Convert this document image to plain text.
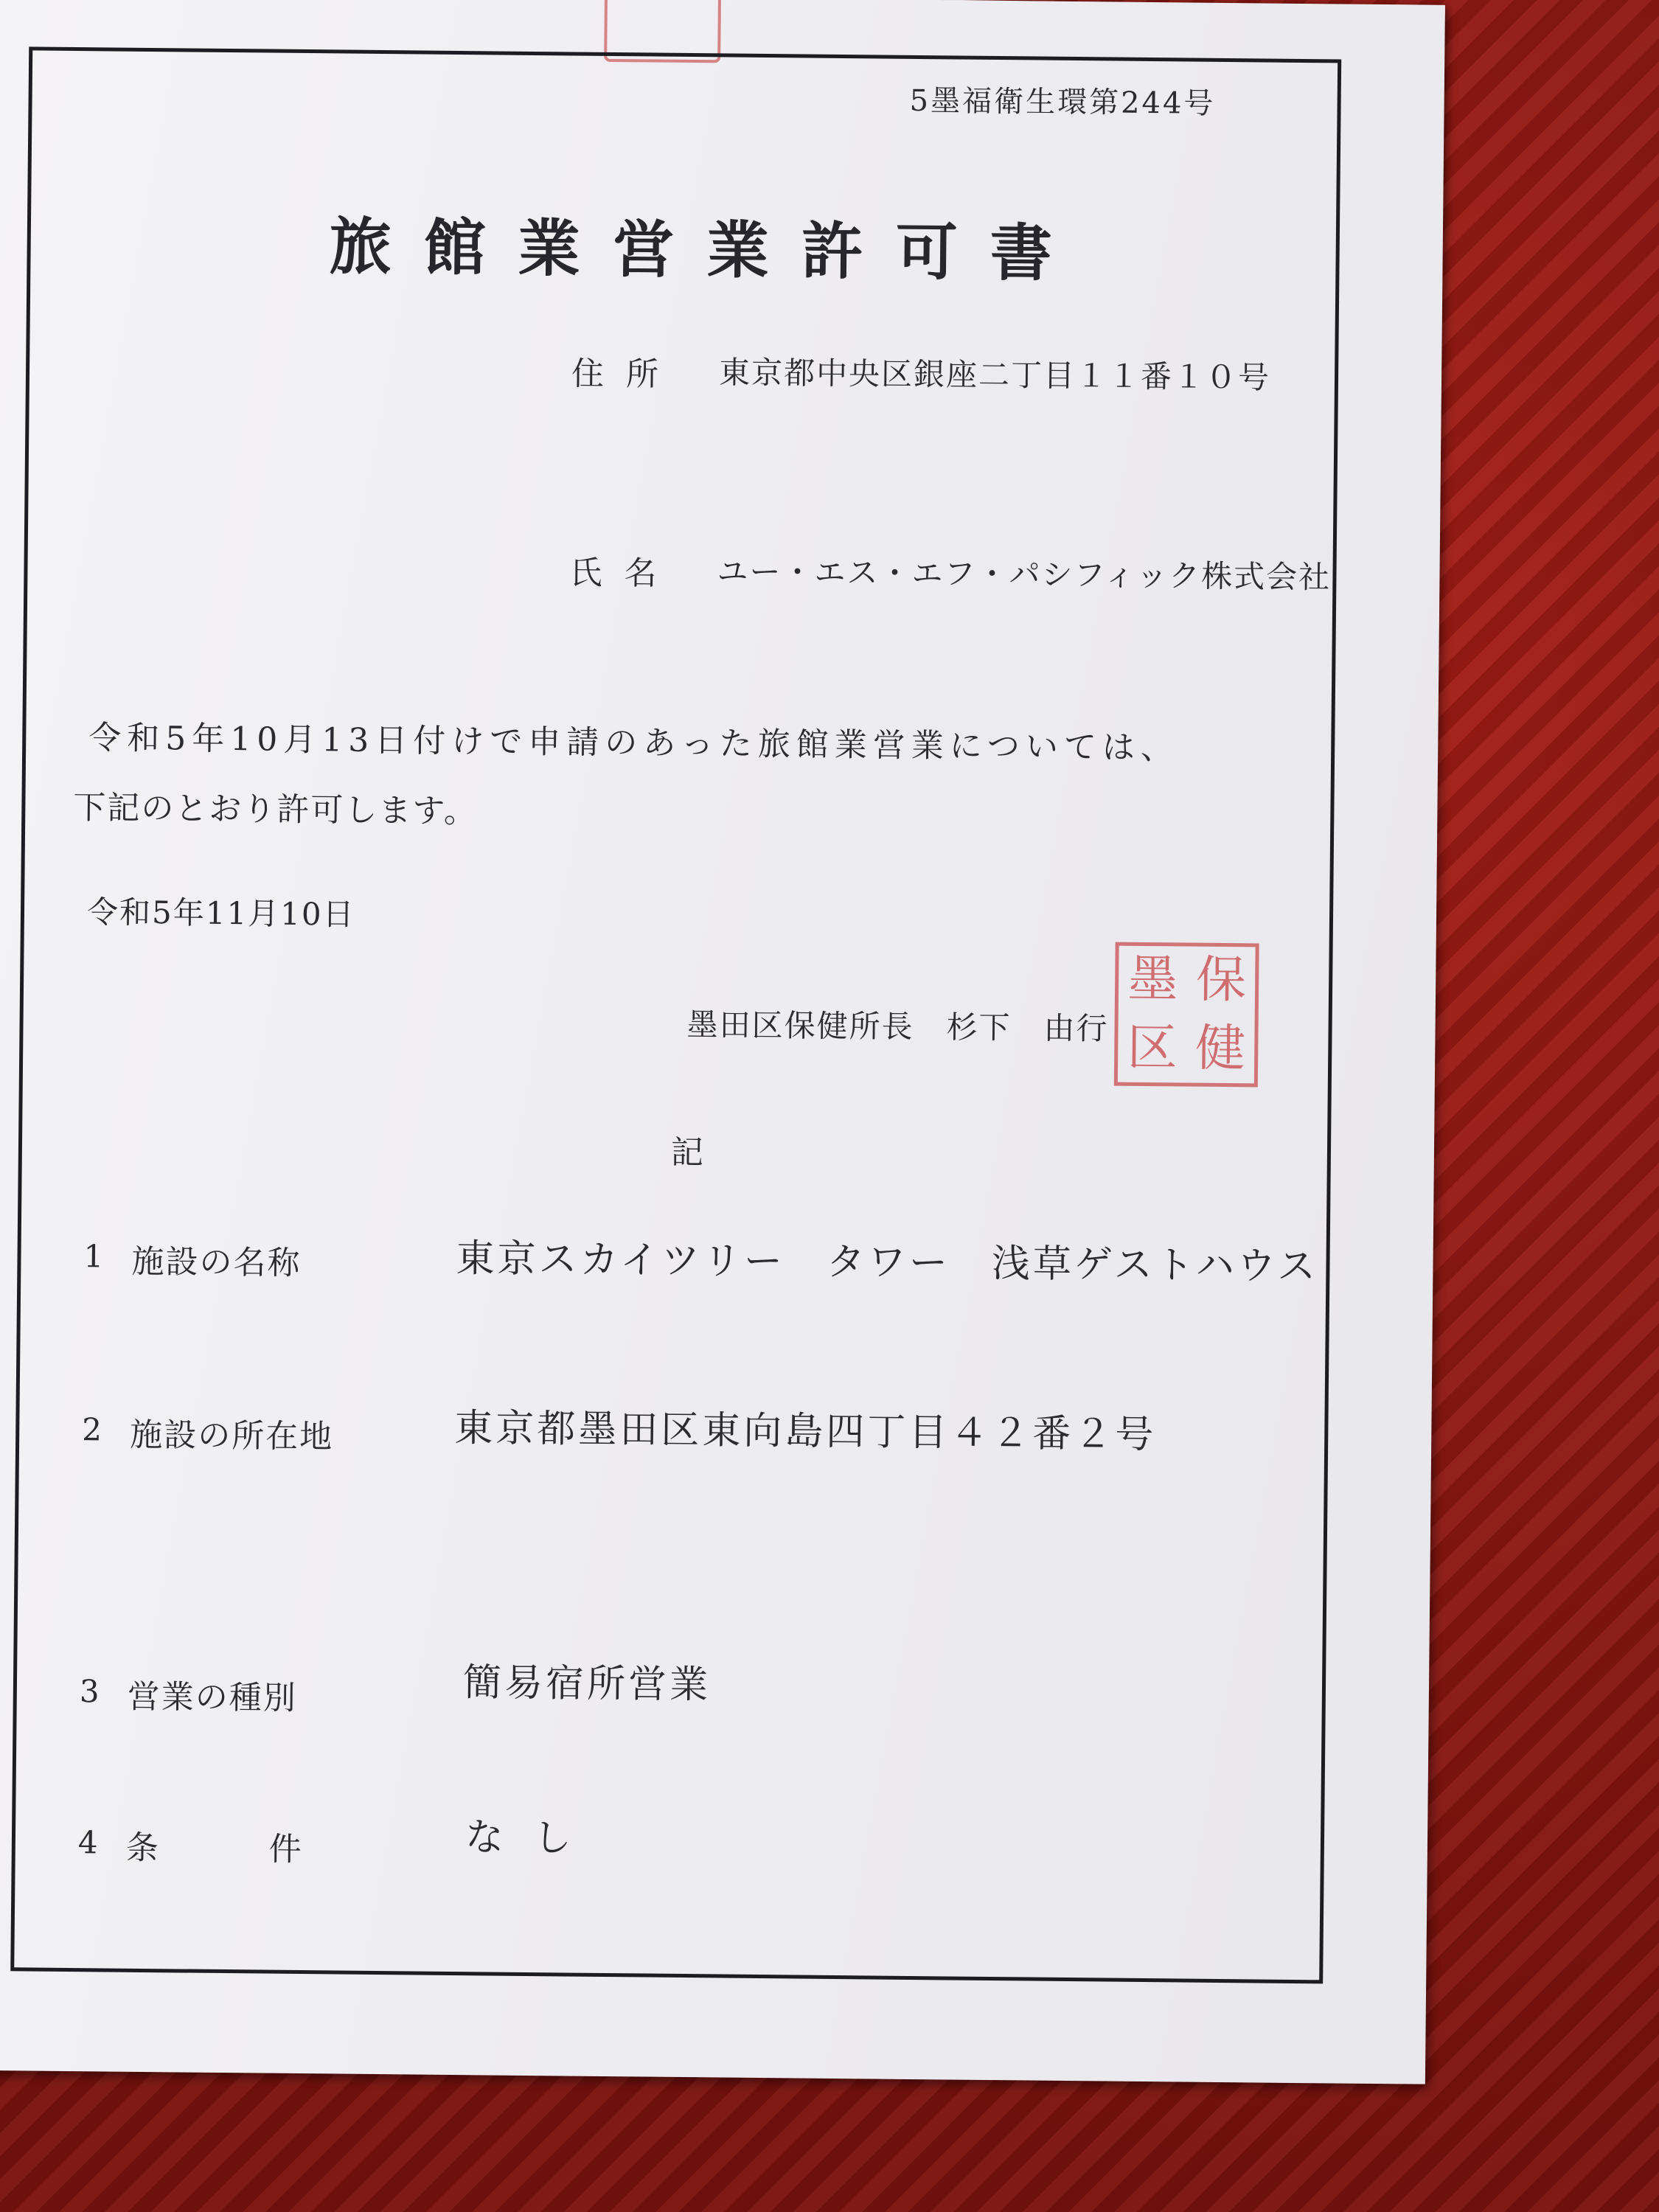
5墨福衛生環第244号
旅館業営業許可書
住所 東京都中央区銀座二丁目１１番１０号
氏名 ユー・エス・エフ・パシフィック株式会社
令和5年10月13日付けで申請のあった旅館業営業については、
下記のとおり許可します。
令和5年11月10日
墨田区保健所長　杉下　由行
墨 保
区 健
記
1 施設の名称	東京スカイツリー　タワー　浅草ゲストハウス
2 施設の所在地	東京都墨田区東向島四丁目４２番２号
3 営業の種別	簡易宿所営業
4 条件 なし
